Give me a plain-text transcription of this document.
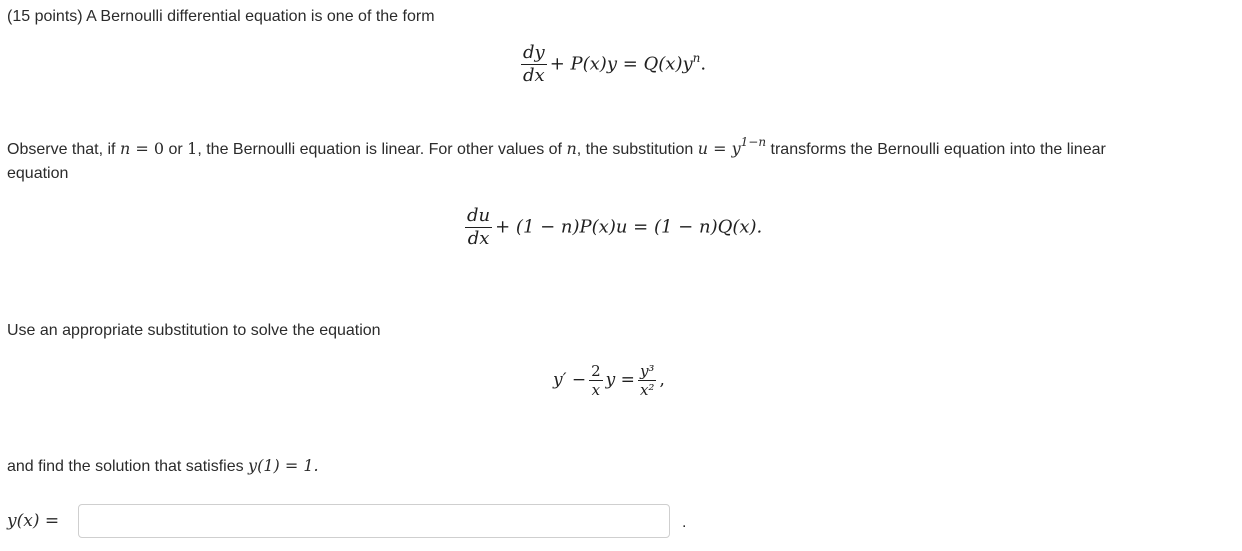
(15 points) A Bernoulli differential equation is one of the form
$\frac{dy}{dx} + P(x)y = Q(x)y^n$.
Observe that, if n = 0 or 1, the Bernoulli equation is linear. For other values of n, the substitution $u = y^{1-n}$ transforms the Bernoulli equation into the linear
equation
$\frac{du}{dx} + (1 - n)P(x)u = (1 - n)Q(x)$.
Use an appropriate substitution to solve the equation
$y' - \frac{2}{x}$ $y = \frac{\text{y³}}{\text{x²}}$ ,
and find the solution that satisfies y(1) = 1.
y(x) =	.
